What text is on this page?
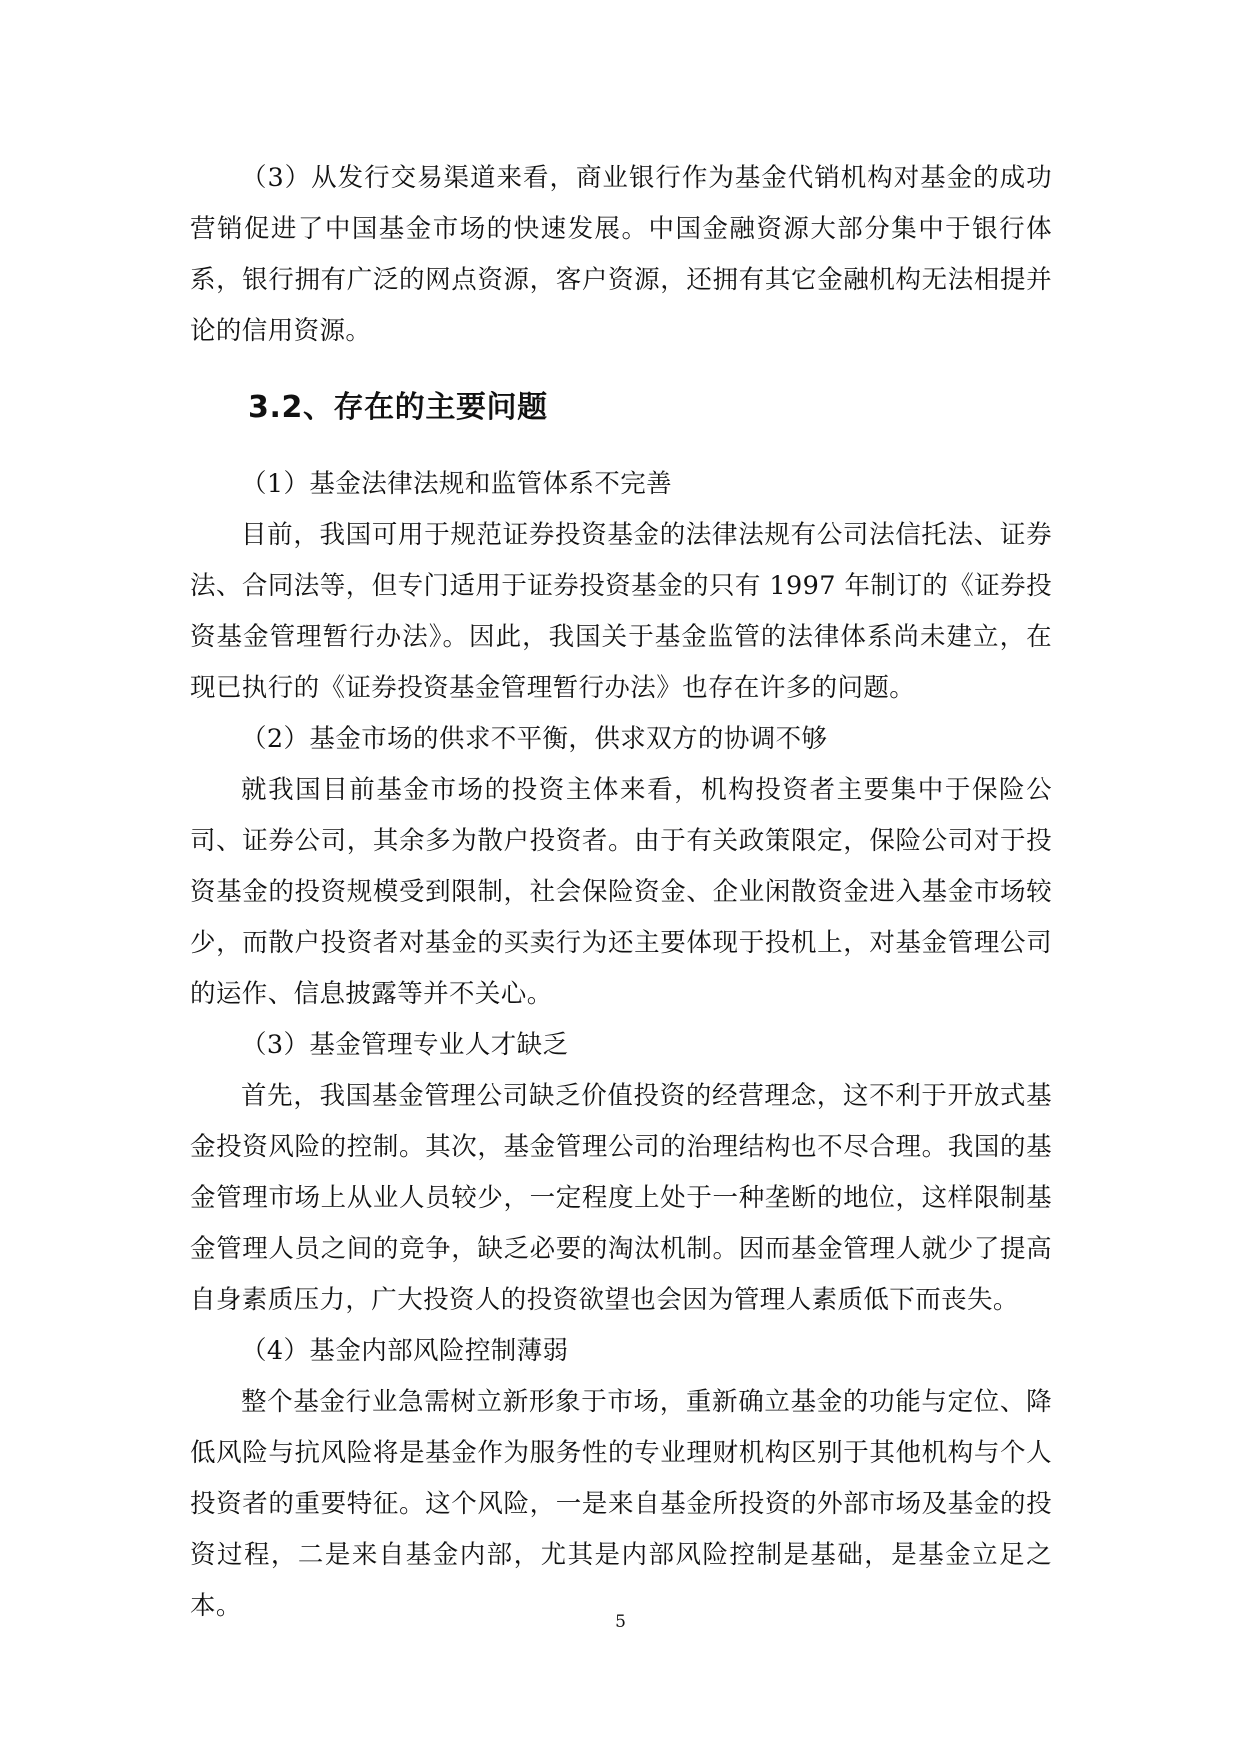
（3）从发行交易渠道来看，商业银行作为基金代销机构对基金的成功营销促进了中国基金市场的快速发展。中国金融资源大部分集中于银行体系，银行拥有广泛的网点资源，客户资源，还拥有其它金融机构无法相提并论的信用资源。

3.2、存在的主要问题

（1）基金法律法规和监管体系不完善

目前，我国可用于规范证券投资基金的法律法规有公司法信托法、证券法、合同法等，但专门适用于证券投资基金的只有 1997 年制订的《证券投资基金管理暂行办法》。因此，我国关于基金监管的法律体系尚未建立，在现已执行的《证券投资基金管理暂行办法》也存在许多的问题。

（2）基金市场的供求不平衡，供求双方的协调不够

就我国目前基金市场的投资主体来看，机构投资者主要集中于保险公司、证券公司，其余多为散户投资者。由于有关政策限定，保险公司对于投资基金的投资规模受到限制，社会保险资金、企业闲散资金进入基金市场较少，而散户投资者对基金的买卖行为还主要体现于投机上，对基金管理公司的运作、信息披露等并不关心。

（3）基金管理专业人才缺乏

首先，我国基金管理公司缺乏价值投资的经营理念，这不利于开放式基金投资风险的控制。其次，基金管理公司的治理结构也不尽合理。我国的基金管理市场上从业人员较少，一定程度上处于一种垄断的地位，这样限制基金管理人员之间的竞争，缺乏必要的淘汰机制。因而基金管理人就少了提高自身素质压力，广大投资人的投资欲望也会因为管理人素质低下而丧失。

（4）基金内部风险控制薄弱

整个基金行业急需树立新形象于市场，重新确立基金的功能与定位、降低风险与抗风险将是基金作为服务性的专业理财机构区别于其他机构与个人投资者的重要特征。这个风险，一是来自基金所投资的外部市场及基金的投资过程，二是来自基金内部，尤其是内部风险控制是基础，是基金立足之本。

5
